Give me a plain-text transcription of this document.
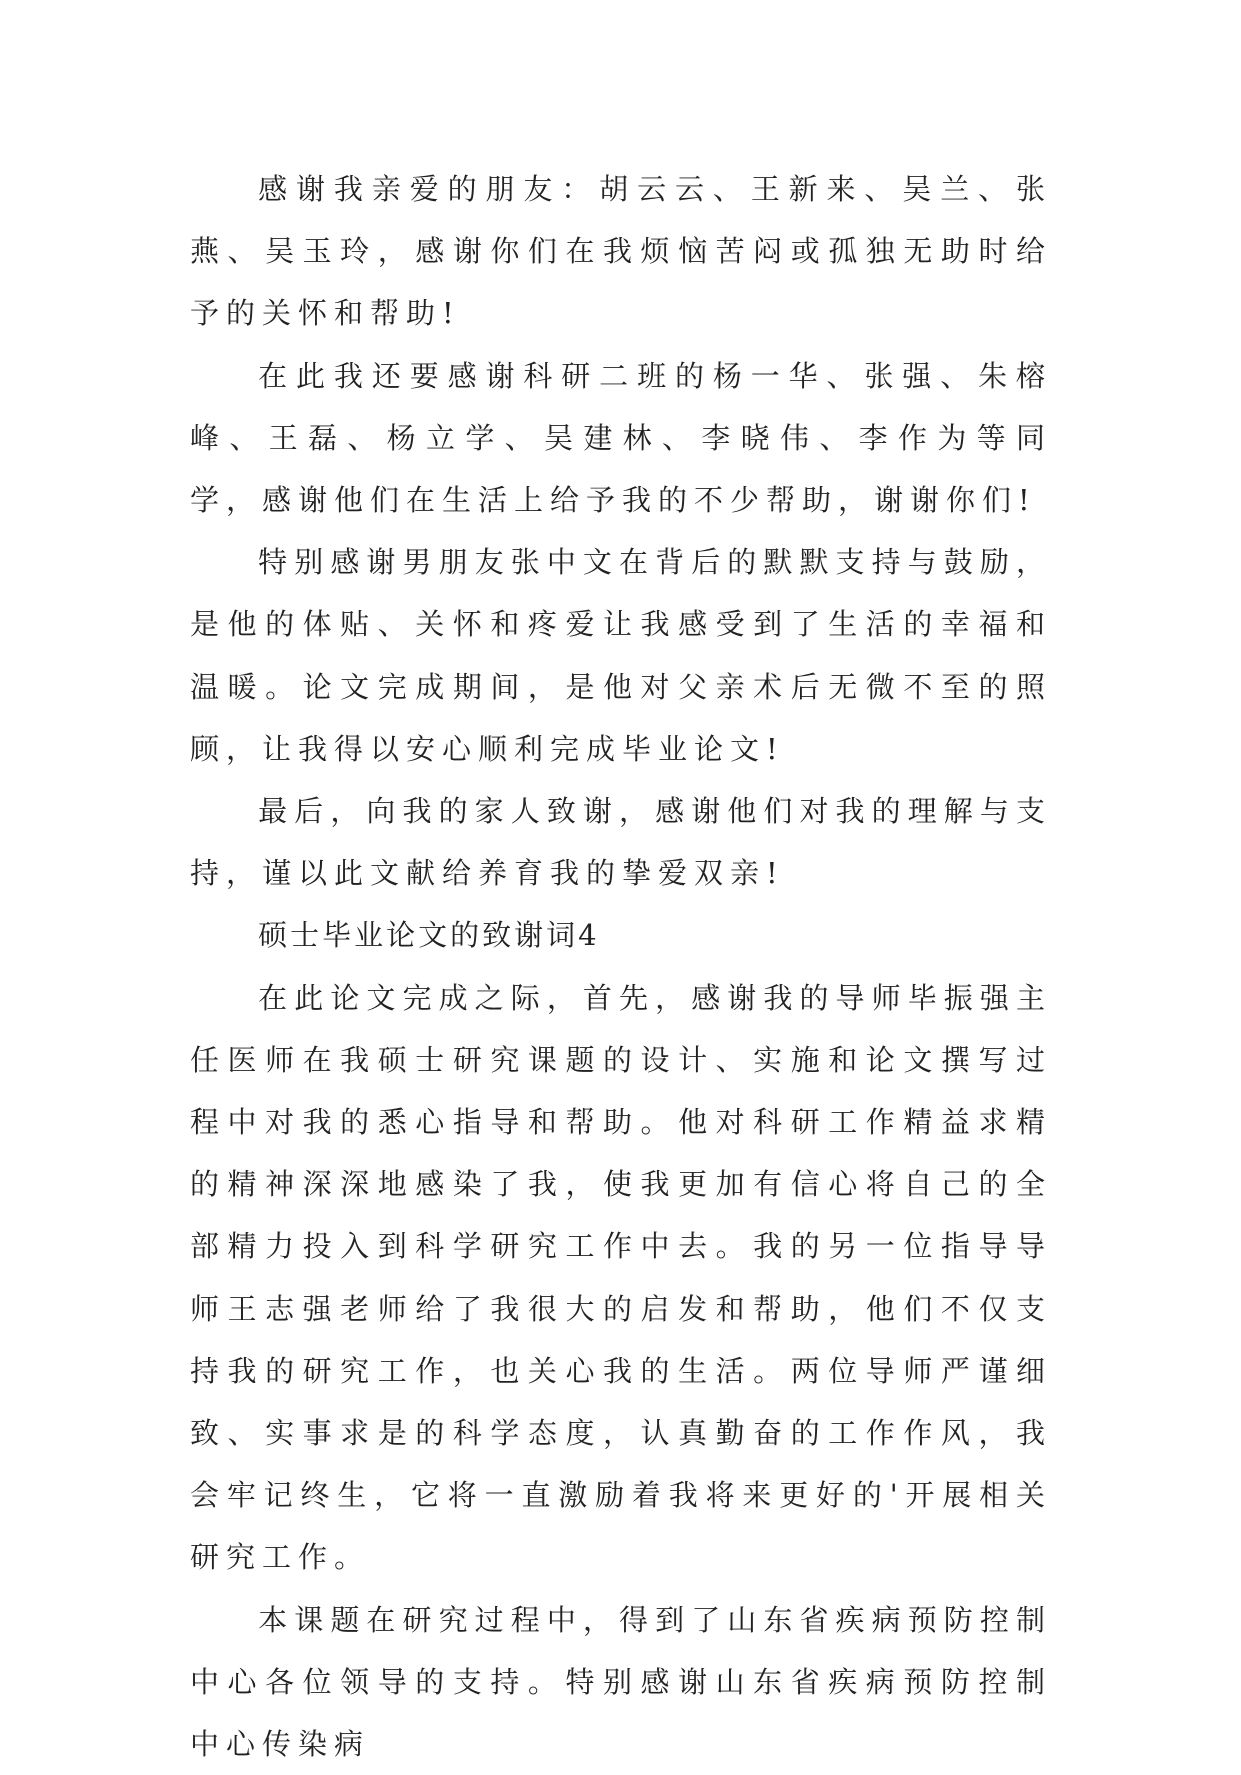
感谢我亲爱的朋友：胡云云、王新来、吴兰、张燕、吴玉玲，感谢你们在我烦恼苦闷或孤独无助时给予的关怀和帮助!

在此我还要感谢科研二班的杨一华、张强、朱榕峰、王磊、杨立学、吴建林、李晓伟、李作为等同学，感谢他们在生活上给予我的不少帮助，谢谢你们!

特别感谢男朋友张中文在背后的默默支持与鼓励，是他的体贴、关怀和疼爱让我感受到了生活的幸福和温暖。论文完成期间，是他对父亲术后无微不至的照顾，让我得以安心顺利完成毕业论文!

最后，向我的家人致谢，感谢他们对我的理解与支持，谨以此文献给养育我的挚爱双亲!

硕士毕业论文的致谢词4

在此论文完成之际，首先，感谢我的导师毕振强主任医师在我硕士研究课题的设计、实施和论文撰写过程中对我的悉心指导和帮助。他对科研工作精益求精的精神深深地感染了我，使我更加有信心将自己的全部精力投入到科学研究工作中去。我的另一位指导导师王志强老师给了我很大的启发和帮助，他们不仅支持我的研究工作，也关心我的生活。两位导师严谨细致、实事求是的科学态度，认真勤奋的工作作风，我会牢记终生，它将一直激励着我将来更好的'开展相关研究工作。

本课题在研究过程中，得到了山东省疾病预防控制中心各位领导的支持。特别感谢山东省疾病预防控制中心传染病
